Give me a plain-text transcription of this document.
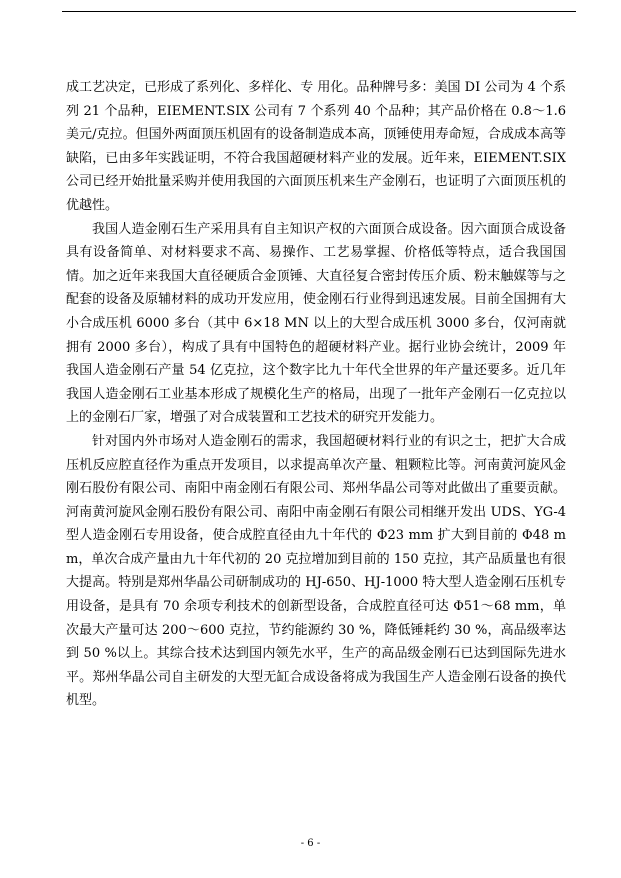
成工艺决定，已形成了系列化、多样化、专 用化。品种牌号多：美国 DI 公司为 4 个系列 21 个品种，EIEMENT.SIX 公司有 7 个系列 40 个品种；其产品价格在 0.8～1.6 美元/克拉。但国外两面顶压机固有的设备制造成本高，顶锤使用寿命短，合成成本高等缺陷，已由多年实践证明，不符合我国超硬材料产业的发展。近年来，EIEMENT.SIX 公司已经开始批量采购并使用我国的六面顶压机来生产金刚石，也证明了六面顶压机的优越性。

我国人造金刚石生产采用具有自主知识产权的六面顶合成设备。因六面顶合成设备具有设备简单、对材料要求不高、易操作、工艺易掌握、价格低等特点，适合我国国情。加之近年来我国大直径硬质合金顶锤、大直径复合密封传压介质、粉末触媒等与之配套的设备及原辅材料的成功开发应用，使金刚石行业得到迅速发展。目前全国拥有大小合成压机 6000 多台（其中 6×18 MN 以上的大型合成压机 3000 多台，仅河南就拥有 2000 多台），构成了具有中国特色的超硬材料产业。据行业协会统计，2009 年我国人造金刚石产量 54 亿克拉，这个数字比九十年代全世界的年产量还要多。近几年我国人造金刚石工业基本形成了规模化生产的格局，出现了一批年产金刚石一亿克拉以上的金刚石厂家，增强了对合成装置和工艺技术的研究开发能力。

针对国内外市场对人造金刚石的需求，我国超硬材料行业的有识之士，把扩大合成压机反应腔直径作为重点开发项目，以求提高单次产量、粗颗粒比等。河南黄河旋风金刚石股份有限公司、南阳中南金刚石有限公司、郑州华晶公司等对此做出了重要贡献。河南黄河旋风金刚石股份有限公司、南阳中南金刚石有限公司相继开发出 UDS、YG-4 型人造金刚石专用设备，使合成腔直径由九十年代的 Φ23 mm 扩大到目前的 Φ48 mm，单次合成产量由九十年代初的 20 克拉增加到目前的 150 克拉，其产品质量也有很大提高。特别是郑州华晶公司研制成功的 HJ-650、HJ-1000 特大型人造金刚石压机专用设备，是具有 70 余项专利技术的创新型设备，合成腔直径可达 Φ51～68 mm，单次最大产量可达 200～600 克拉，节约能源约 30 %，降低锤耗约 30 %，高品级率达到 50 %以上。其综合技术达到国内领先水平，生产的高品级金刚石已达到国际先进水平。郑州华晶公司自主研发的大型无缸合成设备将成为我国生产人造金刚石设备的换代机型。

- 6 -
